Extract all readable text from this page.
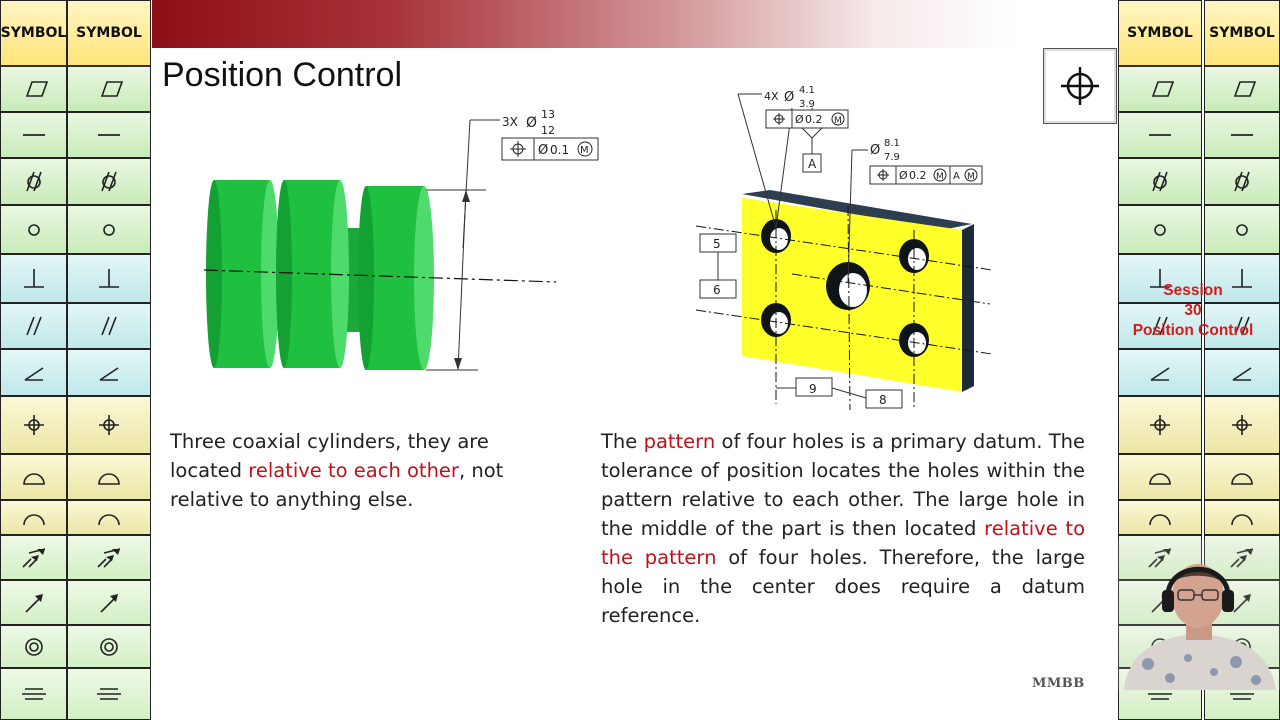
SYMBOL SYMBOL	SYMBOL	SYMBOL
Position Control
3X Ø
13
12
Ø 0.1 M
5
6
9
8
4X Ø 4.1
3.9
Ø 0.2 M
A
Ø 8.1
7.9
Ø 0.2 M A M
Three coaxial cylinders, they are located relative to each other, not relative to anything else.
The pattern of four holes is a primary datum. The tolerance of position locates the holes within the pattern relative to each other. The large hole in the middle of the part is then located relative to the pattern of four holes. Therefore, the large hole in the center does require a datum reference.
MMBB
Session
30
Position Control
